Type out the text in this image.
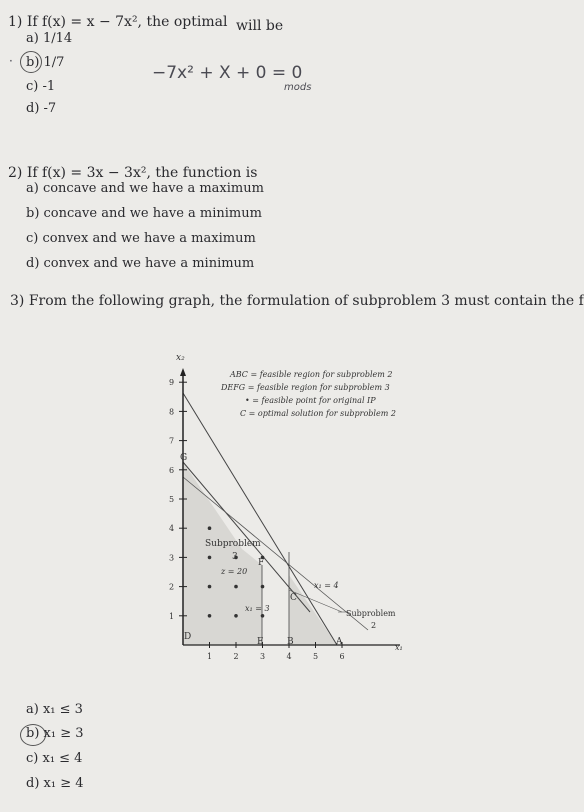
1) If f(x) = x − 7x², the optimal will be
a) 1/14
· b) 1/7
c) -1
d) -7
−7x² + X + 0 = 0
mods
2) If f(x) = 3x − 3x², the function is
a) concave and we have a maximum
b) concave and we have a minimum
c) convex and we have a maximum
d) convex and we have a minimum
3) From the following graph, the formulation of subproblem 3 must contain the f
1
2
3
4
5
6
7
8
9
1	2	3	4	5	6
x₂
x₁
ABC = feasible region for subproblem 2
DEFG = feasible region for subproblem 3
• = feasible point for original IP
C = optimal solution for subproblem 2
G
D	E
F
C
B	A
Subproblem
3
z = 20
x₁ = 3
x₁ = 4
Subproblem
2
a) x₁ ≤ 3
b) x₁ ≥ 3
c) x₁ ≤ 4
d) x₁ ≥ 4
